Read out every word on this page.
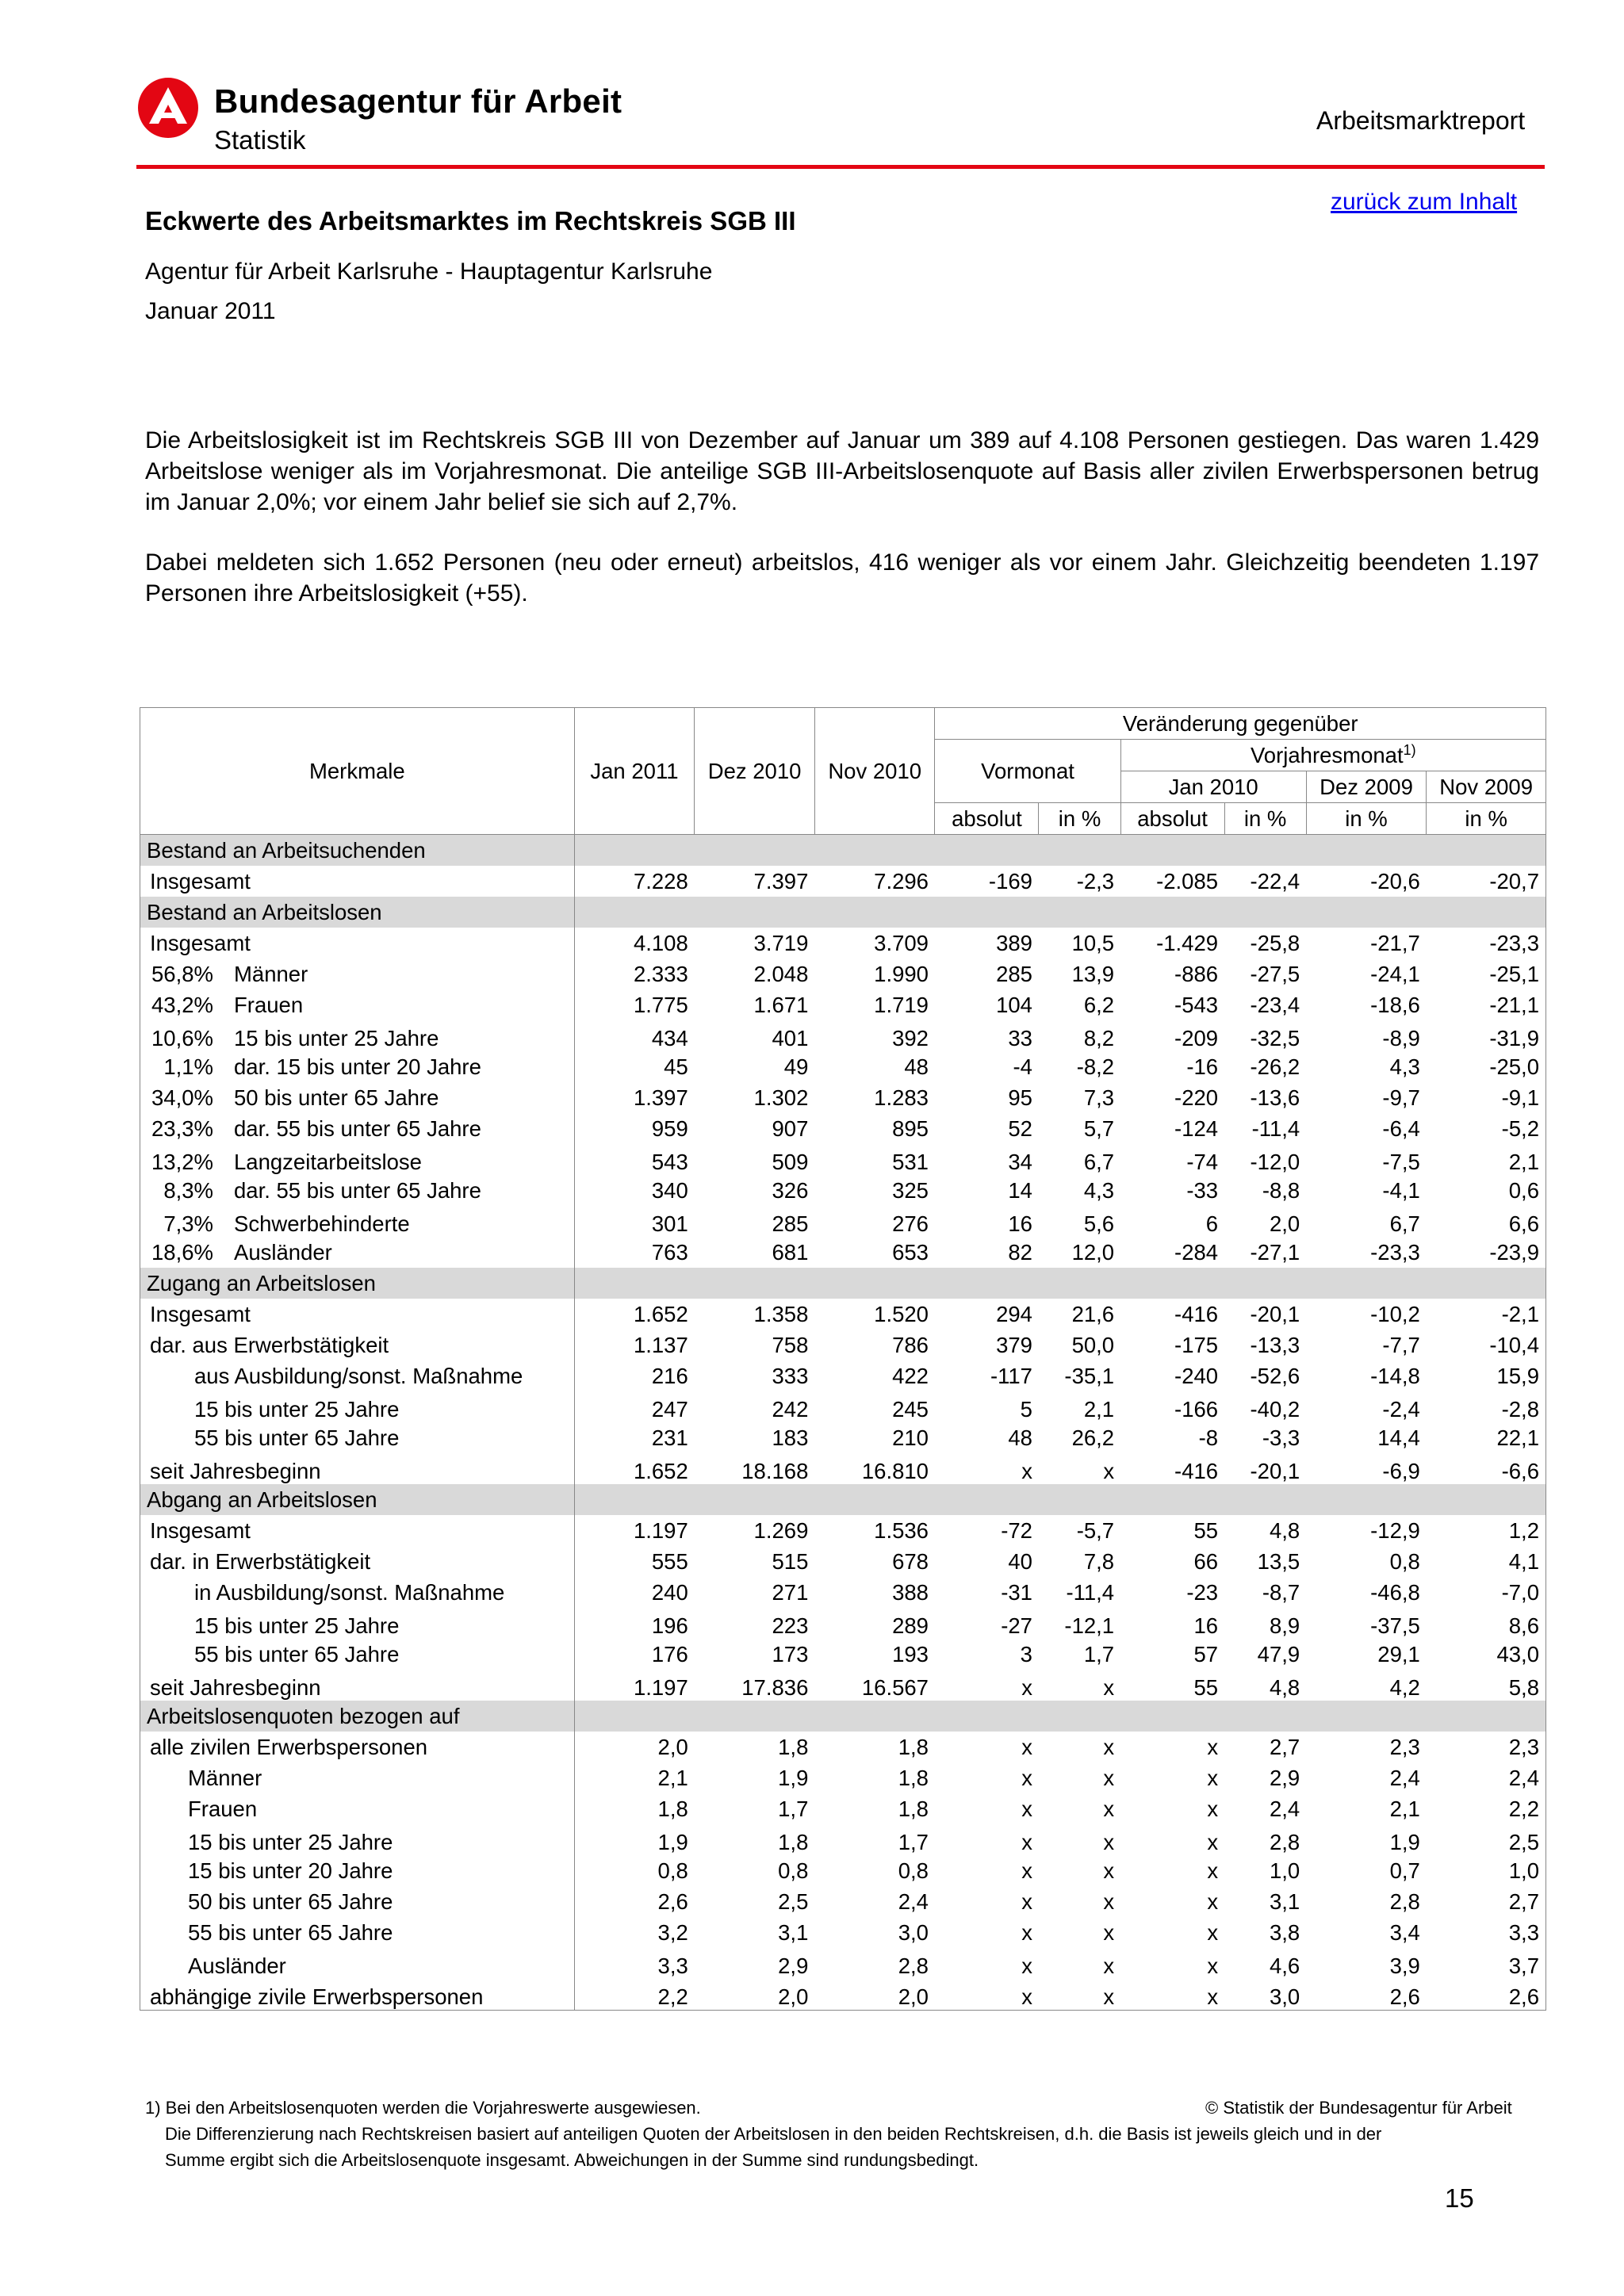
Bundesagentur für Arbeit
Statistik
Arbeitsmarktreport
zurück zum Inhalt
Eckwerte des Arbeitsmarktes im Rechtskreis SGB III
Agentur für Arbeit Karlsruhe - Hauptagentur Karlsruhe
Januar 2011
Die Arbeitslosigkeit ist im Rechtskreis SGB III von Dezember auf Januar um 389 auf 4.108 Personen gestiegen. Das waren 1.429 Arbeitslose weniger als im Vorjahresmonat. Die anteilige SGB III-Arbeitslosenquote auf Basis aller zivilen Erwerbspersonen betrug im Januar 2,0%; vor einem Jahr belief sie sich auf 2,7%.
Dabei meldeten sich 1.652 Personen (neu oder erneut) arbeitslos, 416 weniger als vor einem Jahr. Gleichzeitig beendeten 1.197 Personen ihre Arbeitslosigkeit (+55).
Merkmale	Jan 2011	Dez 2010	Nov 2010	Veränderung gegenüber					
				Vormonat		Vorjahresmonat$^{1)}$
						Jan 2010		Dez 2009	Nov 2009
				absolut	in %	absolut	in %	in %	in %
Bestand an Arbeitsuchenden									
Insgesamt	7.228	7.397	7.296	-169	-2,3	-2.085	-22,4	-20,6	-20,7
Bestand an Arbeitslosen									
Insgesamt	4.108	3.719	3.709	389	10,5	-1.429	-25,8	-21,7	-23,3
56,8% Männer	2.333	2.048	1.990	285	13,9	-886	-27,5	-24,1	-25,1
43,2% Frauen	1.775	1.671	1.719	104	6,2	-543	-23,4	-18,6	-21,1
10,6% 15 bis unter 25 Jahre	434	401	392	33	8,2	-209	-32,5	-8,9	-31,9
1,1% dar. 15 bis unter 20 Jahre	45	49	48	-4	-8,2	-16	-26,2	4,3	-25,0
34,0% 50 bis unter 65 Jahre	1.397	1.302	1.283	95	7,3	-220	-13,6	-9,7	-9,1
23,3% dar. 55 bis unter 65 Jahre	959	907	895	52	5,7	-124	-11,4	-6,4	-5,2
13,2% Langzeitarbeitslose	543	509	531	34	6,7	-74	-12,0	-7,5	2,1
8,3% dar. 55 bis unter 65 Jahre	340	326	325	14	4,3	-33	-8,8	-4,1	0,6
7,3% Schwerbehinderte	301	285	276	16	5,6	6	2,0	6,7	6,6
18,6% Ausländer	763	681	653	82	12,0	-284	-27,1	-23,3	-23,9
Zugang an Arbeitslosen									
Insgesamt	1.652	1.358	1.520	294	21,6	-416	-20,1	-10,2	-2,1
dar. aus Erwerbstätigkeit	1.137	758	786	379	50,0	-175	-13,3	-7,7	-10,4
aus Ausbildung/sonst. Maßnahme	216	333	422	-117	-35,1	-240	-52,6	-14,8	15,9
15 bis unter 25 Jahre	247	242	245	5	2,1	-166	-40,2	-2,4	-2,8
55 bis unter 65 Jahre	231	183	210	48	26,2	-8	-3,3	14,4	22,1
seit Jahresbeginn	1.652	18.168	16.810	x	x	-416	-20,1	-6,9	-6,6
Abgang an Arbeitslosen									
Insgesamt	1.197	1.269	1.536	-72	-5,7	55	4,8	-12,9	1,2
dar. in Erwerbstätigkeit	555	515	678	40	7,8	66	13,5	0,8	4,1
in Ausbildung/sonst. Maßnahme	240	271	388	-31	-11,4	-23	-8,7	-46,8	-7,0
15 bis unter 25 Jahre	196	223	289	-27	-12,1	16	8,9	-37,5	8,6
55 bis unter 65 Jahre	176	173	193	3	1,7	57	47,9	29,1	43,0
seit Jahresbeginn	1.197	17.836	16.567	x	x	55	4,8	4,2	5,8
Arbeitslosenquoten bezogen auf									
alle zivilen Erwerbspersonen	2,0	1,8	1,8	x	x	x	2,7	2,3	2,3
Männer	2,1	1,9	1,8	x	x	x	2,9	2,4	2,4
Frauen	1,8	1,7	1,8	x	x	x	2,4	2,1	2,2
15 bis unter 25 Jahre	1,9	1,8	1,7	x	x	x	2,8	1,9	2,5
15 bis unter 20 Jahre	0,8	0,8	0,8	x	x	x	1,0	0,7	1,0
50 bis unter 65 Jahre	2,6	2,5	2,4	x	x	x	3,1	2,8	2,7
55 bis unter 65 Jahre	3,2	3,1	3,0	x	x	x	3,8	3,4	3,3
Ausländer	3,3	2,9	2,8	x	x	x	4,6	3,9	3,7
abhängige zivile Erwerbspersonen	2,2	2,0	2,0	x	x	x	3,0	2,6	2,6
1) Bei den Arbeitslosenquoten werden die Vorjahreswerte ausgewiesen.
Die Differenzierung nach Rechtskreisen basiert auf anteiligen Quoten der Arbeitslosen in den beiden Rechtskreisen, d.h. die Basis ist jeweils gleich und in der
Summe ergibt sich die Arbeitslosenquote insgesamt. Abweichungen in der Summe sind rundungsbedingt.
© Statistik der Bundesagentur für Arbeit
15
